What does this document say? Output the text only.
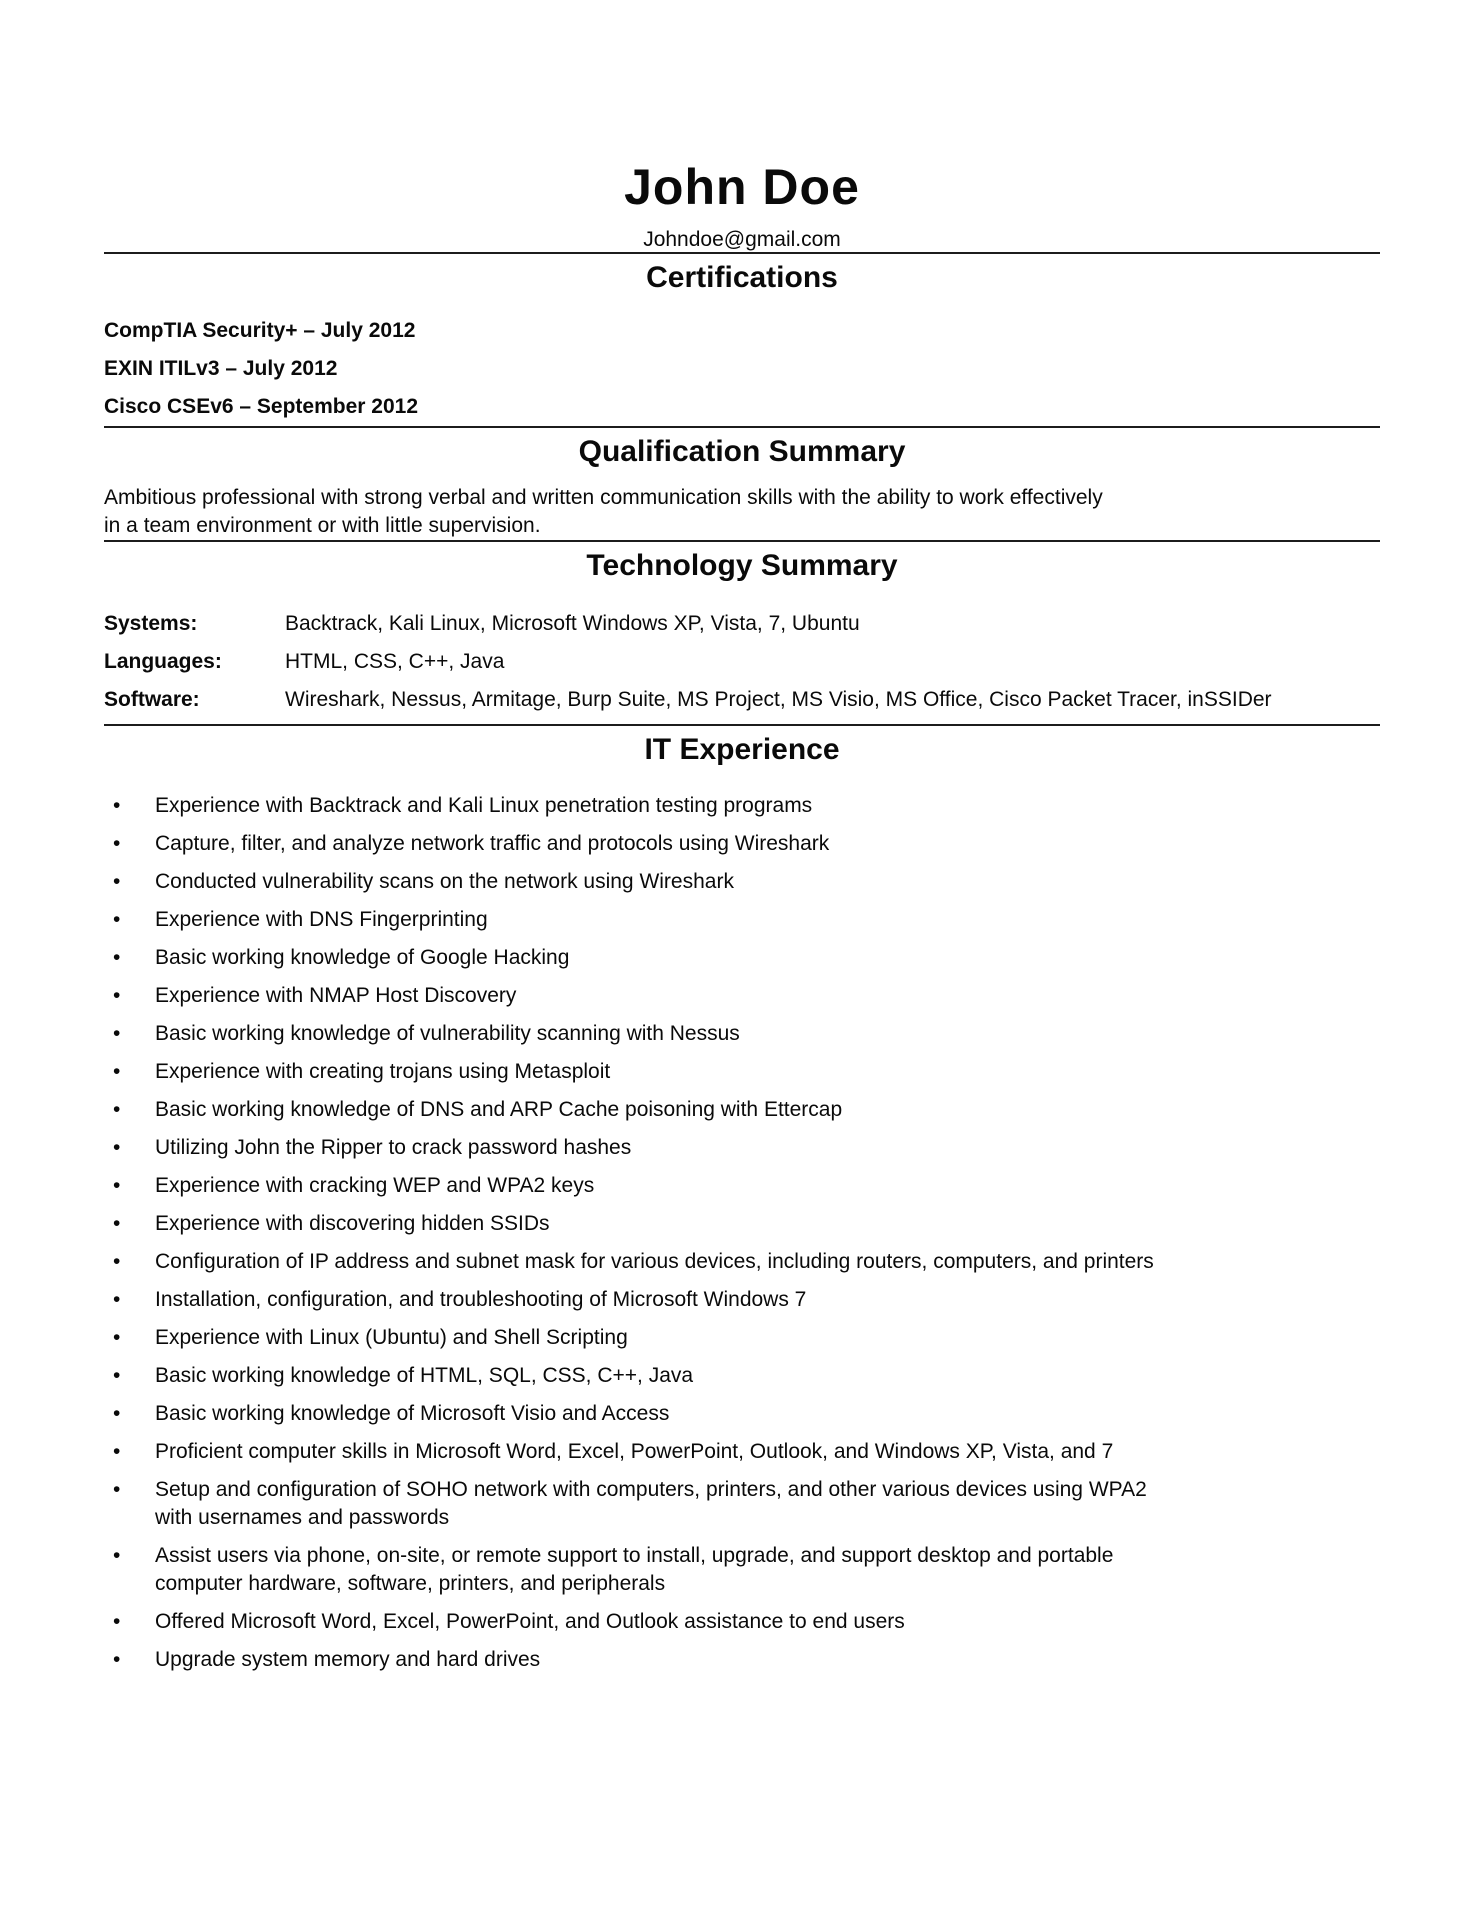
John Doe
Johndoe@gmail.com
Certifications
CompTIA Security+ – July 2012
EXIN ITILv3 – July 2012
Cisco CSEv6 – September 2012
Qualification Summary

Ambitious professional with strong verbal and written communication skills with the ability to work effectively in a team environment or with little supervision.

Technology Summary
Systems:	Backtrack, Kali Linux, Microsoft Windows XP, Vista, 7, Ubuntu
Languages:	HTML, CSS, C++, Java
Software:	Wireshark, Nessus, Armitage, Burp Suite, MS Project, MS Visio, MS Office, Cisco Packet Tracer, inSSIDer
IT Experience
• Experience with Backtrack and Kali Linux penetration testing programs
• Capture, filter, and analyze network traffic and protocols using Wireshark
• Conducted vulnerability scans on the network using Wireshark
• Experience with DNS Fingerprinting
• Basic working knowledge of Google Hacking
• Experience with NMAP Host Discovery
• Basic working knowledge of vulnerability scanning with Nessus
• Experience with creating trojans using Metasploit
• Basic working knowledge of DNS and ARP Cache poisoning with Ettercap
• Utilizing John the Ripper to crack password hashes
• Experience with cracking WEP and WPA2 keys
• Experience with discovering hidden SSIDs
• Configuration of IP address and subnet mask for various devices, including routers, computers, and printers
• Installation, configuration, and troubleshooting of Microsoft Windows 7
• Experience with Linux (Ubuntu) and Shell Scripting
• Basic working knowledge of HTML, SQL, CSS, C++, Java
• Basic working knowledge of Microsoft Visio and Access
• Proficient computer skills in Microsoft Word, Excel, PowerPoint, Outlook, and Windows XP, Vista, and 7
• Setup and configuration of SOHO network with computers, printers, and other various devices using WPA2 with usernames and passwords
• Assist users via phone, on-site, or remote support to install, upgrade, and support desktop and portable computer hardware, software, printers, and peripherals
• Offered Microsoft Word, Excel, PowerPoint, and Outlook assistance to end users
• Upgrade system memory and hard drives
